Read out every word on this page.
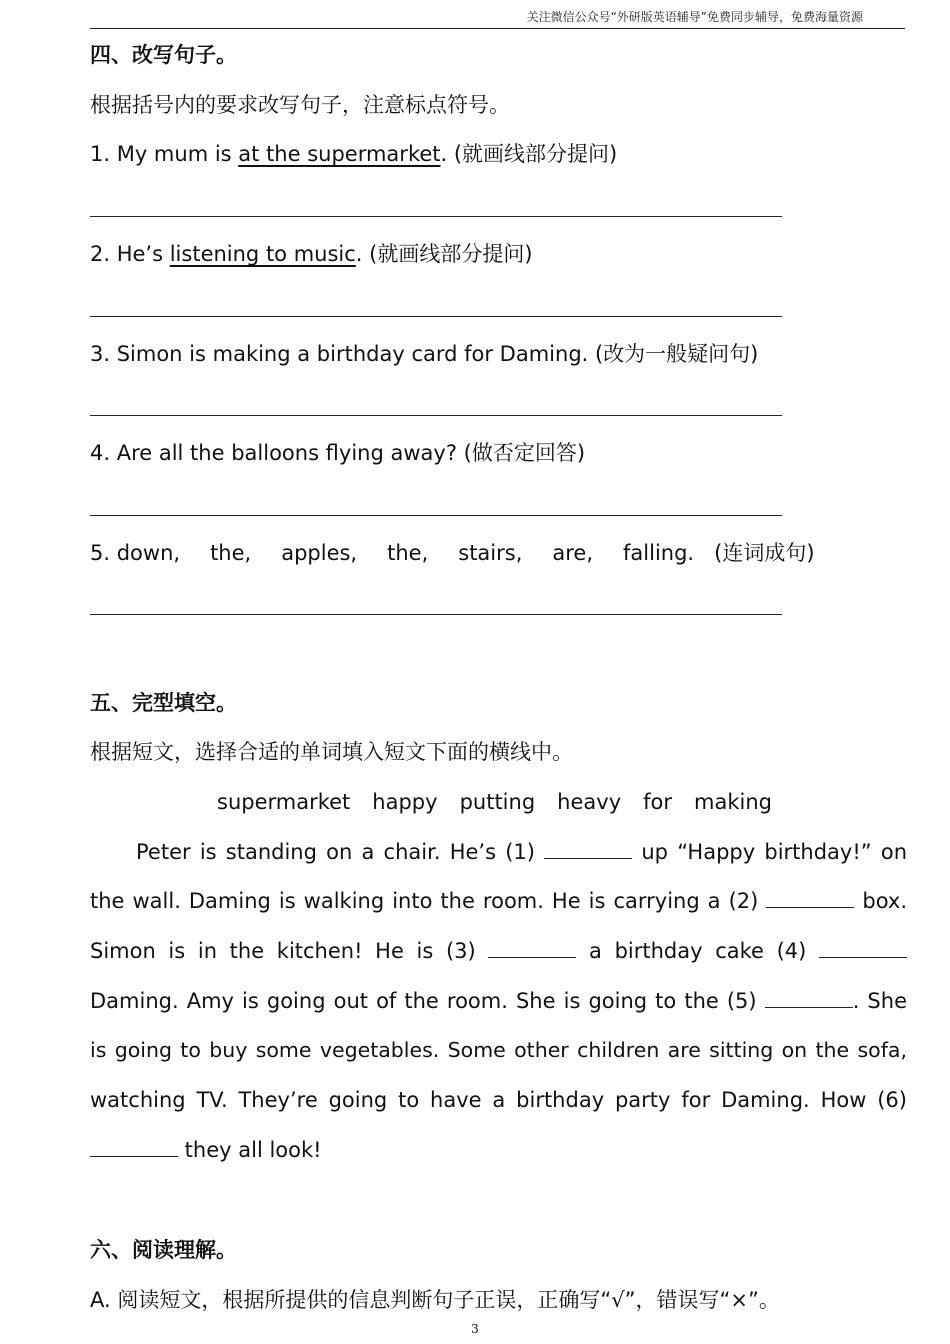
关注微信公众号“外研版英语辅导”免费同步辅导，免费海量资源
四、改写句子。
根据括号内的要求改写句子，注意标点符号。
1. My mum is at the supermarket. (就画线部分提问)
2. He’s listening to music. (就画线部分提问)
3. Simon is making a birthday card for Daming. (改为一般疑问句)
4. Are all the balloons flying away? (做否定回答)
5. down, the, apples, the, stairs, are, falling. (连词成句)
五、完型填空。
根据短文，选择合适的单词填入短文下面的横线中。
supermarket happy putting heavy for making
Peter is standing on a chair. He’s (1)	up “Happy birthday!” on
the wall. Daming is walking into the room. He is carrying a (2)	box.
Simon is in the kitchen! He is (3)	a birthday cake (4)
Daming. Amy is going out of the room. She is going to the (5)	. She
is going to buy some vegetables. Some other children are sitting on the sofa,
watching TV. They’re going to have a birthday party for Daming. How (6)
they all look!
六、阅读理解。
A. 阅读短文，根据所提供的信息判断句子正误，正确写“√”，错误写“×”。
3
